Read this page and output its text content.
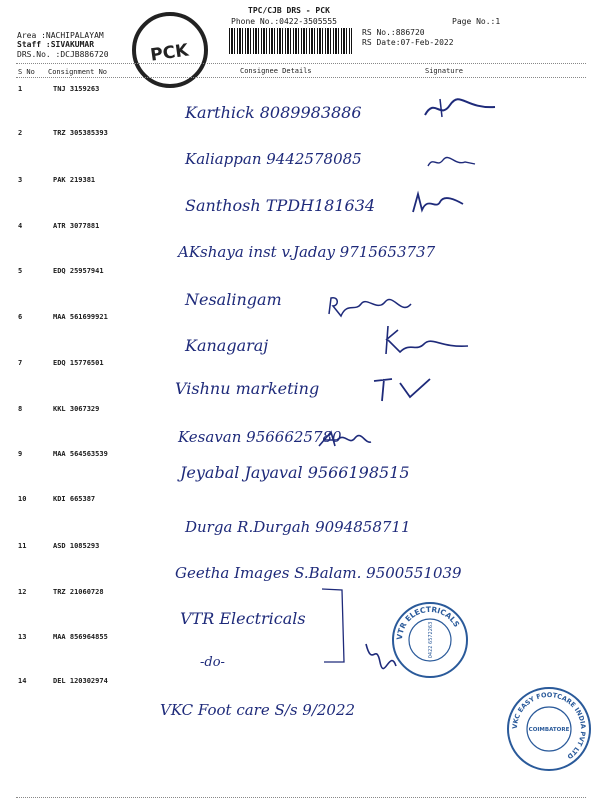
TPC/CJB DRS - PCK
Phone No.:0422-3505555	Page No.:1
RS No.:886720
RS Date:07-Feb-2022
Area :NACHIPALAYAM
Staff :SIVAKUMAR
DRS.No. :DCJB886720 PCK
S No Consignment No	Consignee Details	Signature
1	TNJ 3159263
Karthick 8089983886
2	TRZ 305385393
Kaliappan 9442578085
3	PAK 219381
Santhosh TPDH181634
4	ATR 3077881
AKshaya inst v.Jaday 9715653737
5	EDQ 25957941
Nesalingam
6	MAA 561699921
Kanagaraj
7	EDQ 15776501
Vishnu marketing
8	KKL 3067329
Kesavan 9566625780
9	MAA 564563539
Jeyabal Jayaval 9566198515
10	KDI 665387
Durga R.Durgah 9094858711
11	ASD 1085293
Geetha Images S.Balam. 9500551039
12	TRZ 21060728
VTR Electricals
13	MAA 856964855
-do-
VTR ELECTRICALS
0422 6572263
14	DEL 120302974
VKC Foot care S/s 9/2022
VKC EASY FOOTCARE INDIA PVT LTD
COIMBATORE
